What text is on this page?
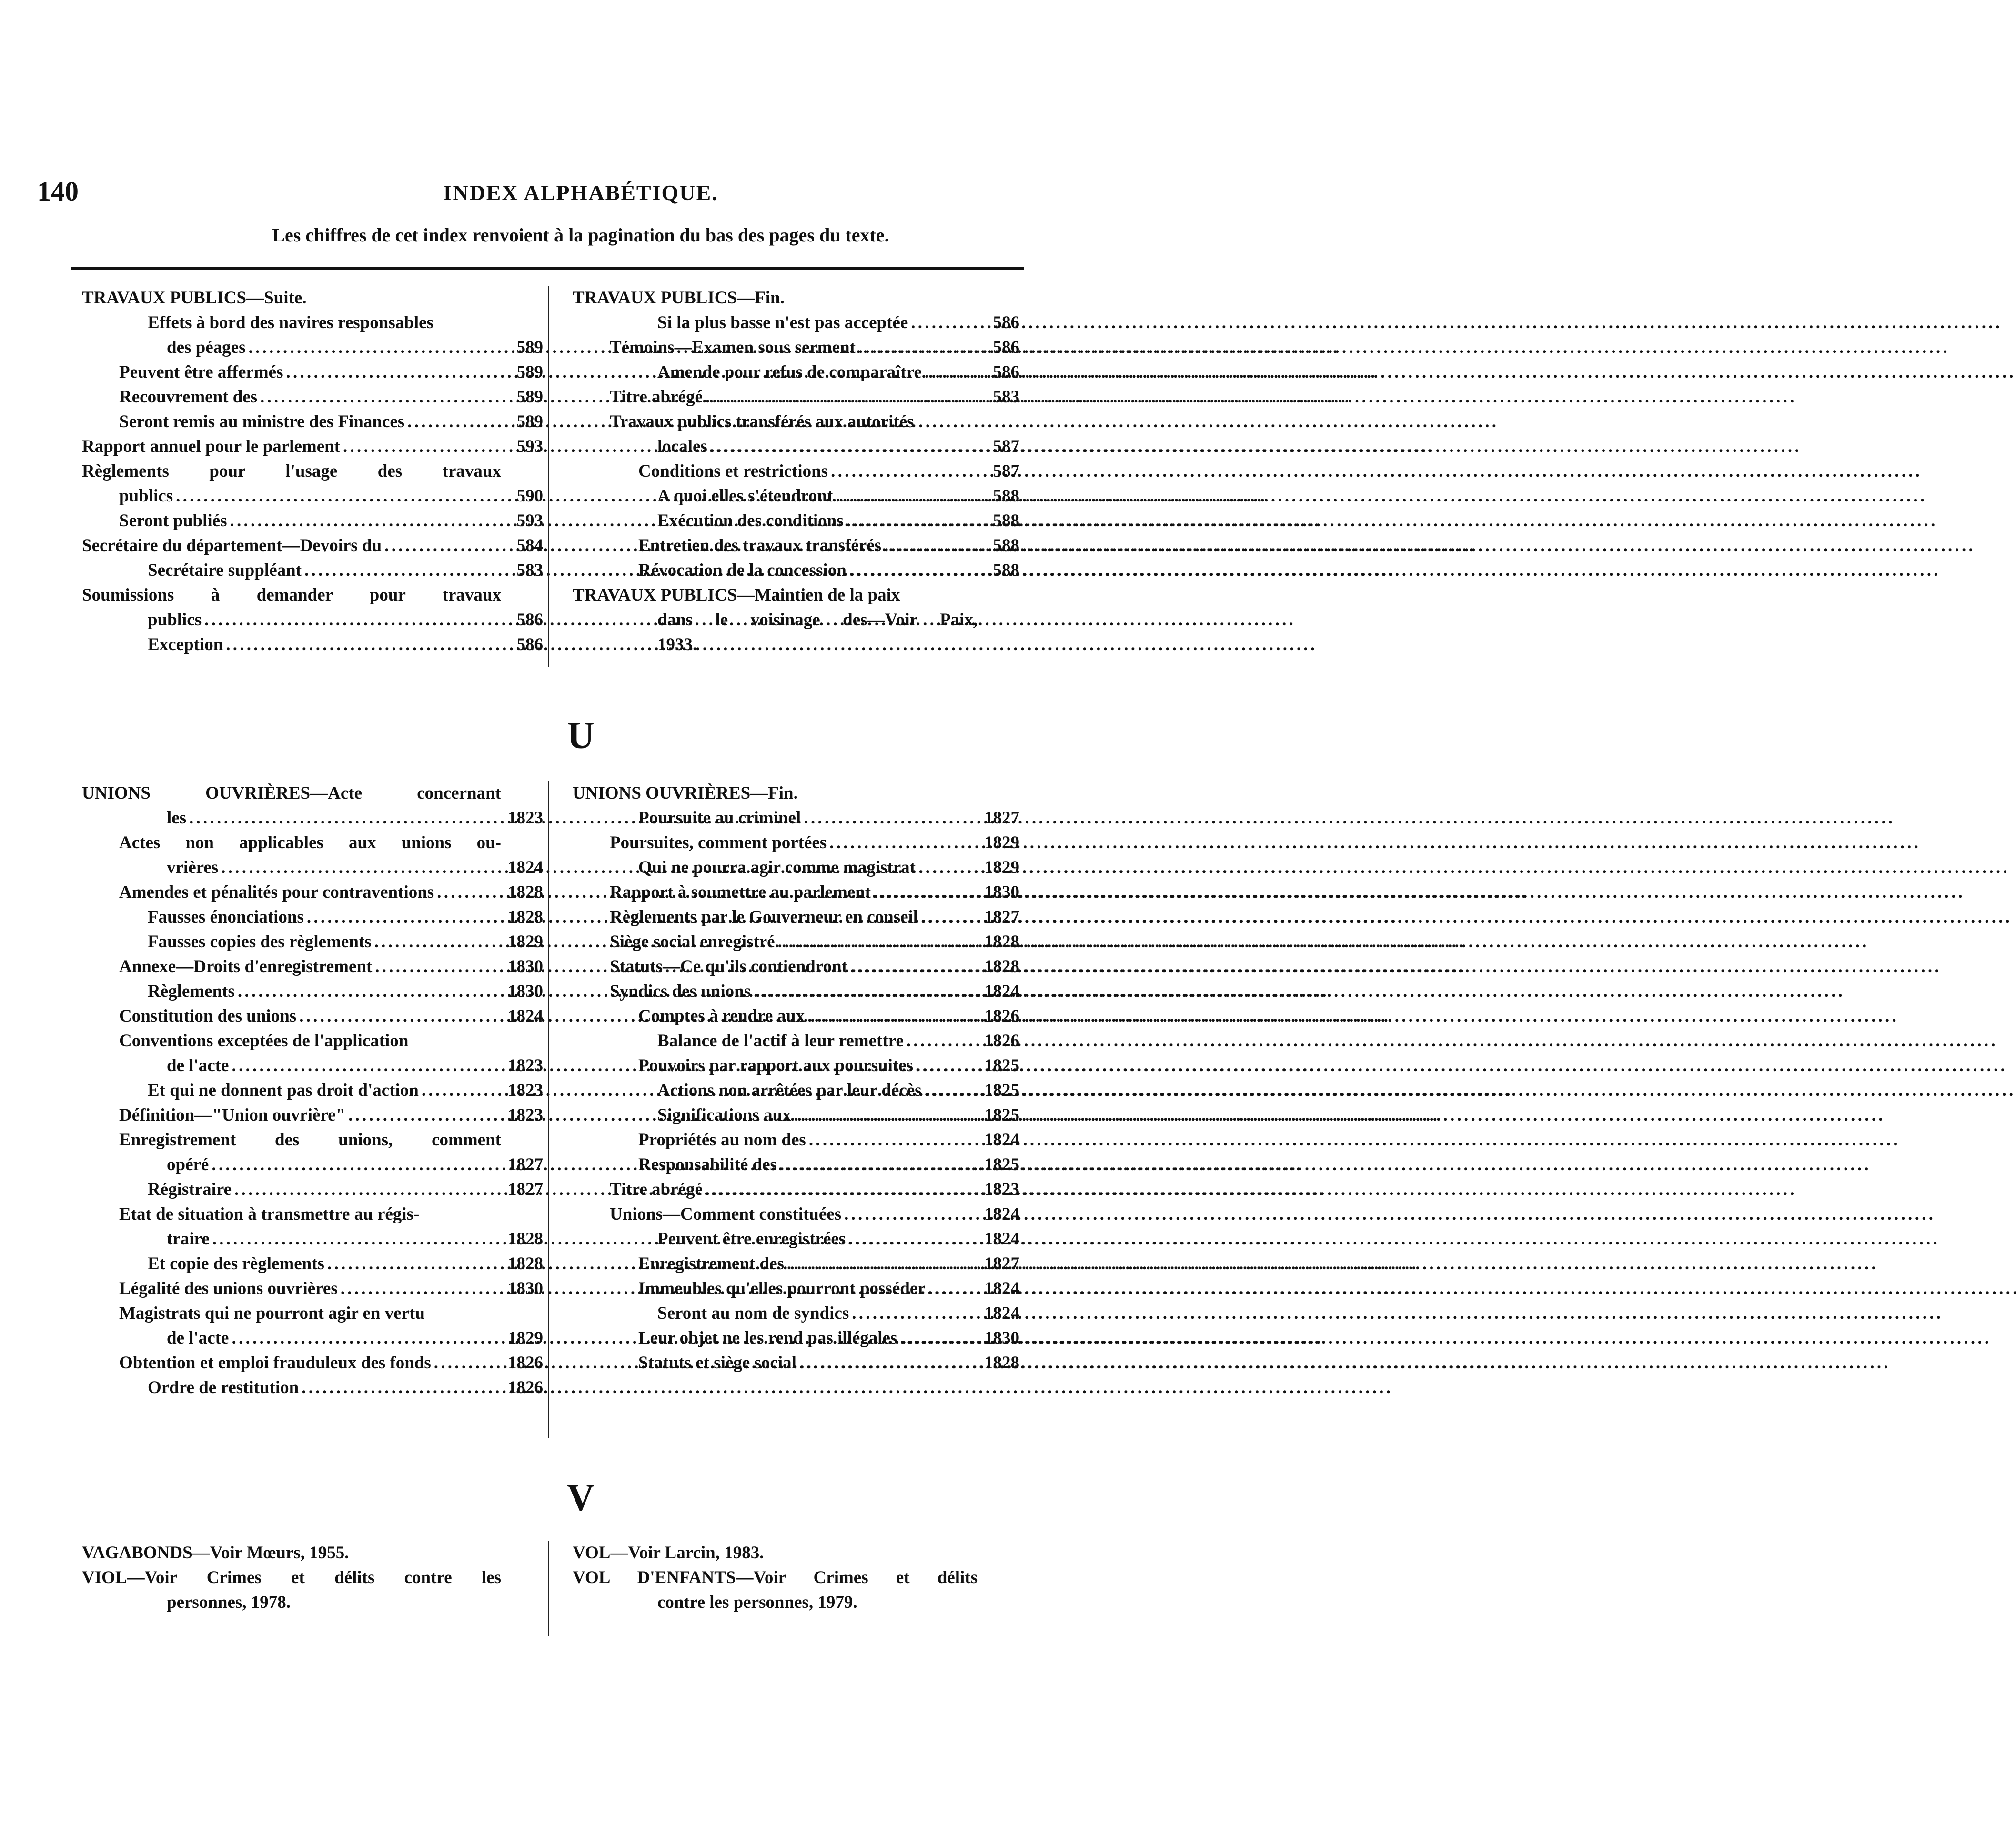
140	INDEX ALPHABÉTIQUE.
Les chiffres de cet index renvoient à la pagination du bas des pages du texte.
TRAVAUX PUBLICS—Suite.
Effets à bord des navires responsables
des péages . . .	589
Peuvent être affermés . . .	589
Recouvrement des . . .	589
Seront remis au ministre des Finances . . .	589
Rapport annuel pour le parlement . . .	593
Règlements pour l'usage des travaux
publics . . .	590
Seront publiés . . .	593
Secrétaire du département—Devoirs du . . .	584
Secrétaire suppléant . . .	583
Soumissions à demander pour travaux
publics . . .	586
Exception . . .	586
TRAVAUX PUBLICS—Fin.
Si la plus basse n'est pas acceptée . . .	586
Témoins—Examen sous serment . . .	586
Amende pour refus de comparaître . . .	586
Titre abrégé . . .	583
Travaux publics transférés aux autorités
locales . . .	587
Conditions et restrictions . . .	587
A quoi elles s'étendront . . .	588
Exécution des conditions . . .	588
Entretien des travaux transférés . . .	588
Révocation de la concession . . .	588
TRAVAUX PUBLICS—Maintien de la paix
dans le voisinage des—Voir Paix,
1933.
U
UNIONS OUVRIÈRES—Acte concernant
les . . .	1823
Actes non applicables aux unions ou-
vrières . . .	1824
Amendes et pénalités pour contraventions . . .	1828
Fausses énonciations . . .	1828
Fausses copies des règlements . . .	1829
Annexe—Droits d'enregistrement . . .	1830
Règlements . . .	1830
Constitution des unions . . .	1824
Conventions exceptées de l'application
de l'acte . . .	1823
Et qui ne donnent pas droit d'action . . .	1823
Définition—"Union ouvrière" . . .	1823
Enregistrement des unions, comment
opéré . . .	1827
Régistraire . . .	1827
Etat de situation à transmettre au régis-
traire . . .	1828
Et copie des règlements . . .	1828
Légalité des unions ouvrières . . .	1830
Magistrats qui ne pourront agir en vertu
de l'acte . . .	1829
Obtention et emploi frauduleux des fonds . . .	1826
Ordre de restitution . . .	1826
UNIONS OUVRIÈRES—Fin.
Poursuite au criminel . . .	1827
Poursuites, comment portées . . .	1829
Qui ne pourra agir comme magistrat . . .	1829
Rapport à soumettre au parlement . . .	1830
Règlements par le Gouverneur en conseil . . .	1827
Siège social enregistré . . .	1828
Statuts—Ce qu'ils contiendront . . .	1828
Syndics des unions . . .	1824
Comptes à rendre aux . . .	1826
Balance de l'actif à leur remettre . . .	1826
Pouvoirs par rapport aux poursuites . . .	1825
Actions non arrêtées par leur décès . . .	1825
Significations aux . . .	1825
Propriétés au nom des . . .	1824
Responsabilité des . . .	1825
Titre abrégé . . .	1823
Unions—Comment constituées . . .	1824
Peuvent être enregistrées . . .	1824
Enregistrement des . . .	1827
Immeubles qu'elles pourront posséder . . .	1824
Seront au nom de syndics . . .	1824
Leur objet ne les rend pas illégales . . .	1830
Statuts et siège social . . .	1828
V
VAGABONDS—Voir Mœurs, 1955.
VIOL—Voir Crimes et délits contre les
personnes, 1978.
VOL—Voir Larcin, 1983.
VOL D'ENFANTS—Voir Crimes et délits
contre les personnes, 1979.
